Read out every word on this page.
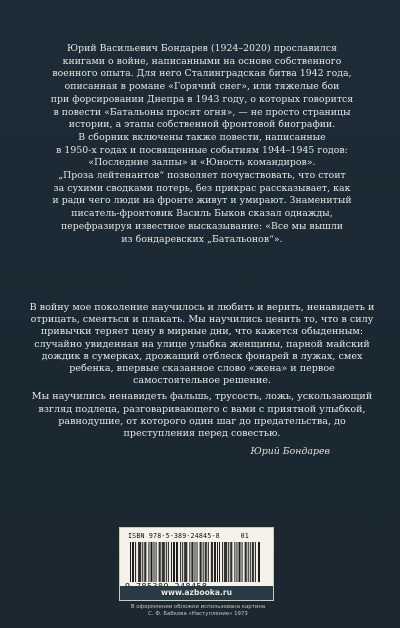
Юрий Васильевич Бондарев (1924–2020) прославился

книгами о войне, написанными на основе собственного

военного опыта. Для него Сталинградская битва 1942 года,

описанная в романе «Горячий снег», или тяжелые бои

при форсировании Днепра в 1943 году, о которых говорится

в повести «Батальоны просят огня», — не просто страницы

истории, а этапы собственной фронтовой биографии.

В сборник включены также повести, написанные

в 1950-х годах и посвященные событиям 1944–1945 годов:

«Последние залпы» и «Юность командиров».

„Проза лейтенантов“ позволяет почувствовать, что стоит

за сухими сводками потерь, без прикрас рассказывает, как

и ради чего люди на фронте живут и умирают. Знаменитый

писатель-фронтовик Василь Быков сказал однажды,

перефразируя известное высказывание: «Все мы вышли

из бондаревских „Батальонов“».

В войну мое поколение научилось и любить и верить, ненавидеть и отрицать, смеяться и плакать. Мы научились ценить то, что в силу привычки теряет цену в мирные дни, что кажется обыденным: случайно увиденная на улице улыбка женщины, парной майский дождик в сумерках, дрожащий отблеск фонарей в лужах, смех ребенка, впервые сказанное слово «жена» и первое самостоятельное решение.

Мы научились ненавидеть фальшь, трусость, ложь, ускользающий взгляд подлеца, разговаривающего с вами с приятной улыбкой, равнодушие, от которого один шаг до предательства, до преступления перед совестью.

Юрий Бондарев
ISBN 978-5-389-24845-8     01
www.azbooka.ru
В оформлении обложки использована картина
С. Ф. Бабкова «Наступление» 1973
